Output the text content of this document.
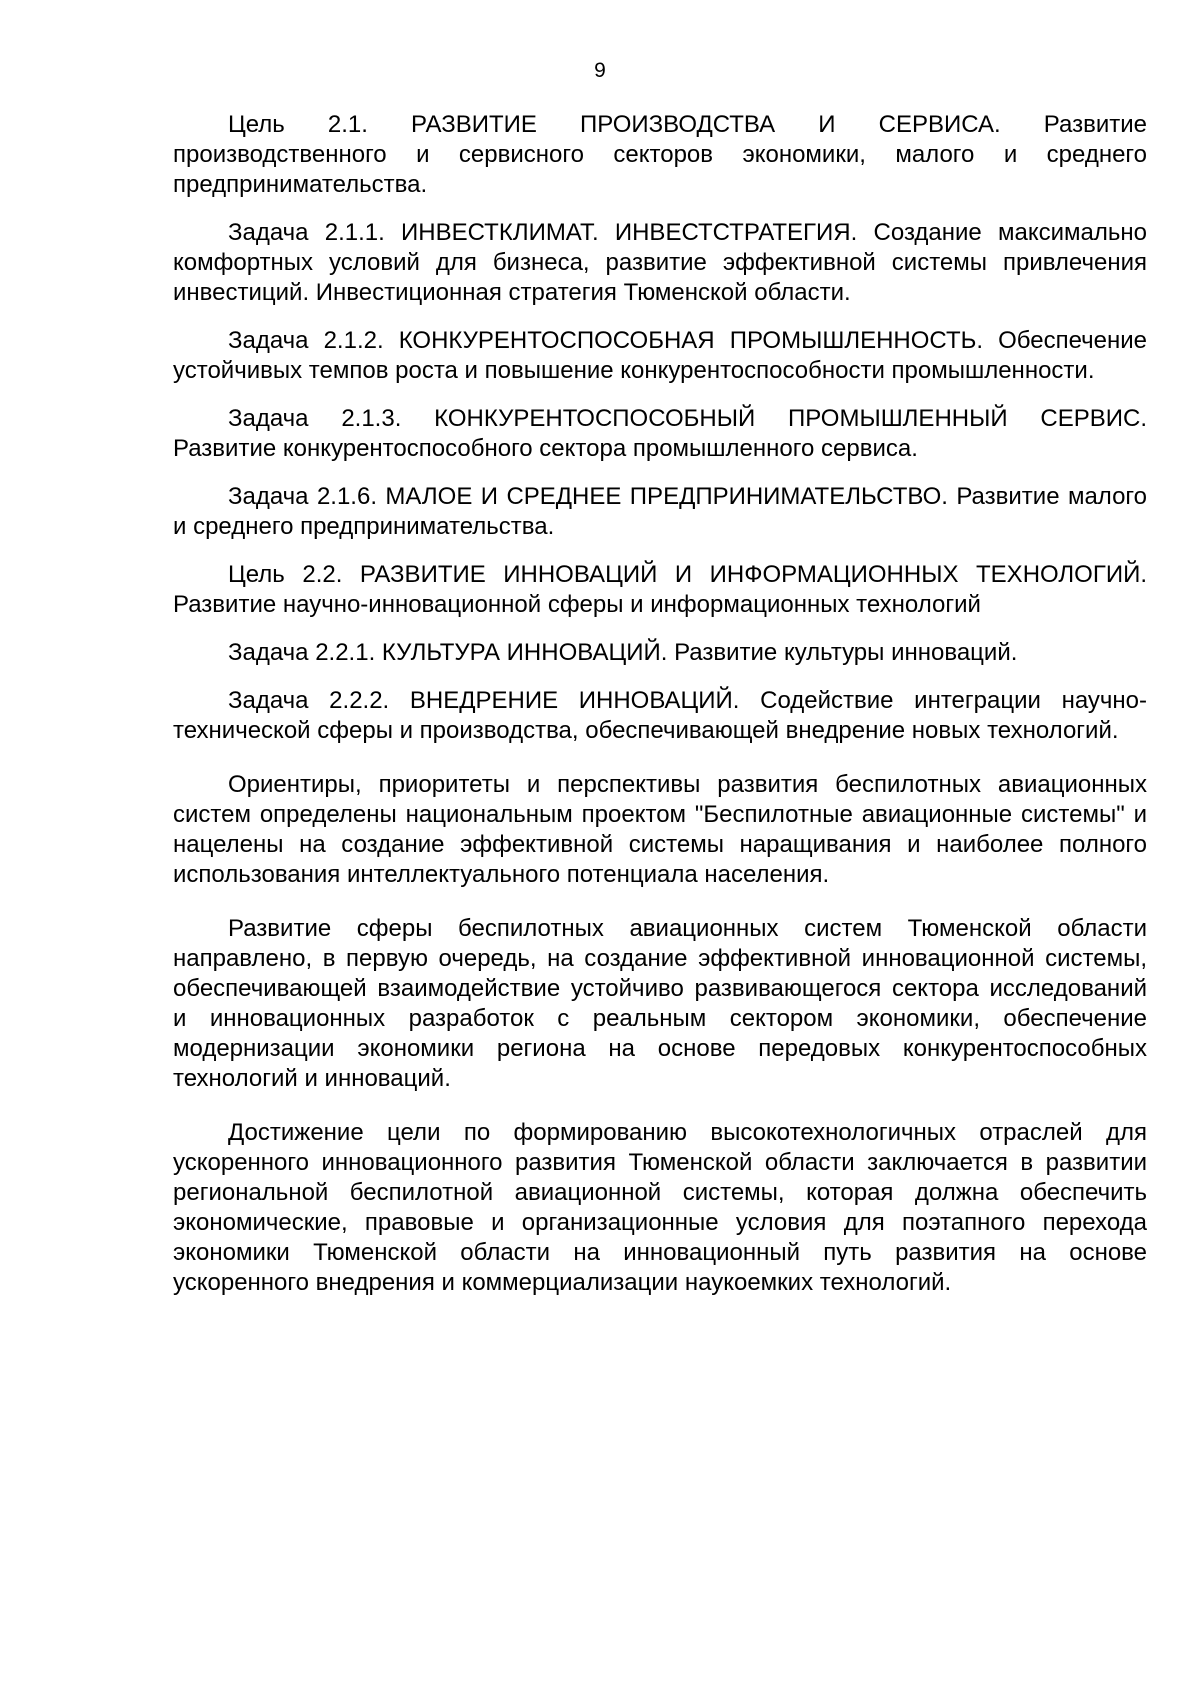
9

Цель 2.1. РАЗВИТИЕ ПРОИЗВОДСТВА И СЕРВИСА. Развитие производственного и сервисного секторов экономики, малого и среднего предпринимательства.

Задача 2.1.1. ИНВЕСТКЛИМАТ. ИНВЕСТСТРАТЕГИЯ. Создание максимально комфортных условий для бизнеса, развитие эффективной системы привлечения инвестиций. Инвестиционная стратегия Тюменской области.

Задача 2.1.2. КОНКУРЕНТОСПОСОБНАЯ ПРОМЫШЛЕННОСТЬ. Обеспечение устойчивых темпов роста и повышение конкурентоспособности промышленности.

Задача 2.1.3. КОНКУРЕНТОСПОСОБНЫЙ ПРОМЫШЛЕННЫЙ СЕРВИС. Развитие конкурентоспособного сектора промышленного сервиса.

Задача 2.1.6. МАЛОЕ И СРЕДНЕЕ ПРЕДПРИНИМАТЕЛЬСТВО. Развитие малого и среднего предпринимательства.

Цель 2.2. РАЗВИТИЕ ИННОВАЦИЙ И ИНФОРМАЦИОННЫХ ТЕХНОЛОГИЙ. Развитие научно-инновационной сферы и информационных технологий

Задача 2.2.1. КУЛЬТУРА ИННОВАЦИЙ. Развитие культуры инноваций.

Задача 2.2.2. ВНЕДРЕНИЕ ИННОВАЦИЙ. Содействие интеграции научно-технической сферы и производства, обеспечивающей внедрение новых технологий.

Ориентиры, приоритеты и перспективы развития беспилотных авиационных систем определены национальным проектом "Беспилотные авиационные системы" и нацелены на создание эффективной системы наращивания и наиболее полного использования интеллектуального потенциала населения.

Развитие сферы беспилотных авиационных систем Тюменской области направлено, в первую очередь, на создание эффективной инновационной системы, обеспечивающей взаимодействие устойчиво развивающегося сектора исследований и инновационных разработок с реальным сектором экономики, обеспечение модернизации экономики региона на основе передовых конкурентоспособных технологий и инноваций.

Достижение цели по формированию высокотехнологичных отраслей для ускоренного инновационного развития Тюменской области заключается в развитии региональной беспилотной авиационной системы, которая должна обеспечить экономические, правовые и организационные условия для поэтапного перехода экономики Тюменской области на инновационный путь развития на основе ускоренного внедрения и коммерциализации наукоемких технологий.
